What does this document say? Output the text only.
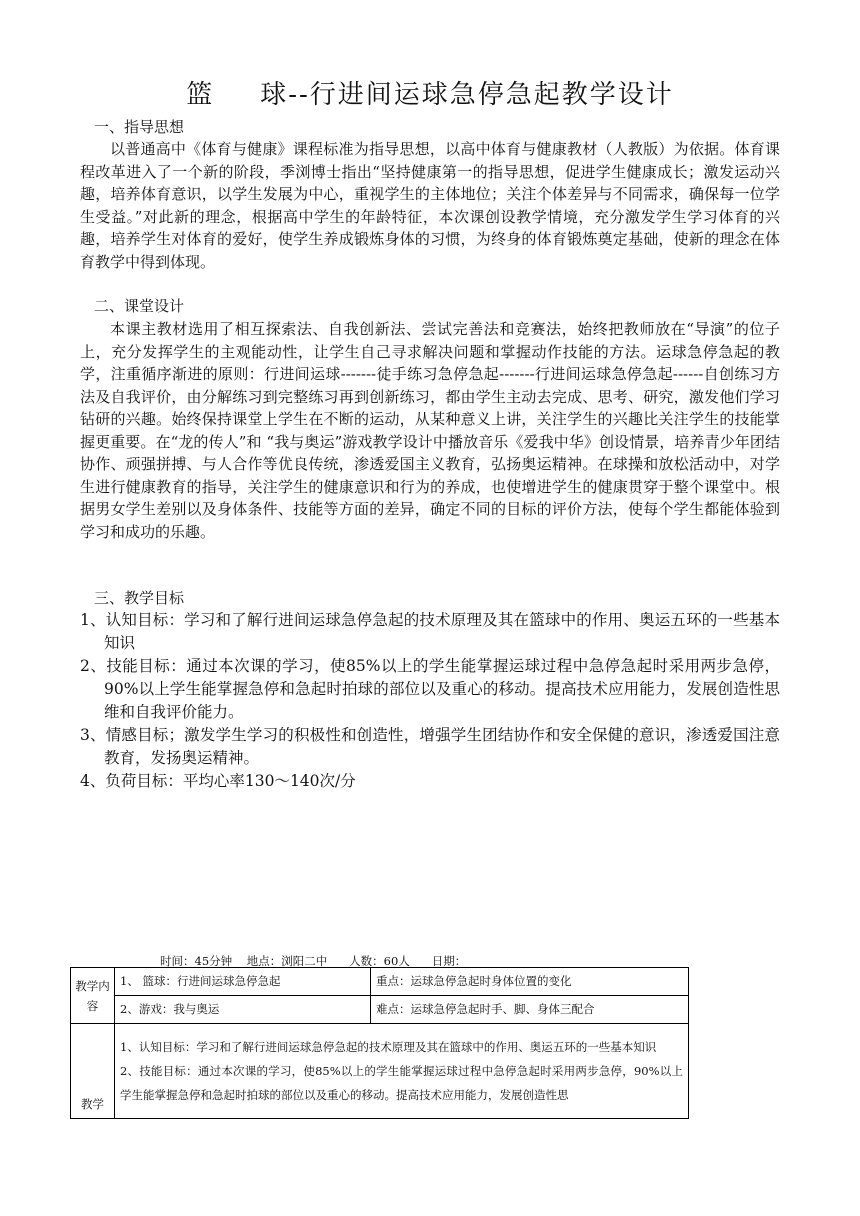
篮 球--行进间运球急停急起教学设计
一、指导思想
以普通高中《体育与健康》课程标准为指导思想，以高中体育与健康教材（人教版）为依据。体育课程改革进入了一个新的阶段，季浏博士指出“坚持健康第一的指导思想，促进学生健康成长；激发运动兴趣，培养体育意识，以学生发展为中心，重视学生的主体地位；关注个体差异与不同需求，确保每一位学生受益。”对此新的理念，根据高中学生的年龄特征，本次课创设教学情境，充分激发学生学习体育的兴趣，培养学生对体育的爱好，使学生养成锻炼身体的习惯，为终身的体育锻炼奠定基础，使新的理念在体育教学中得到体现。
二、课堂设计
本课主教材选用了相互探索法、自我创新法、尝试完善法和竞赛法，始终把教师放在“导演”的位子上，充分发挥学生的主观能动性，让学生自己寻求解决问题和掌握动作技能的方法。运球急停急起的教学，注重循序渐进的原则：行进间运球-------徒手练习急停急起-------行进间运球急停急起------自创练习方法及自我评价，由分解练习到完整练习再到创新练习，都由学生主动去完成、思考、研究，激发他们学习钻研的兴趣。始终保持课堂上学生在不断的运动，从某种意义上讲，关注学生的兴趣比关注学生的技能掌握更重要。在“龙的传人”和 “我与奥运”游戏教学设计中播放音乐《爱我中华》创设情景，培养青少年团结协作、顽强拼搏、与人合作等优良传统，渗透爱国主义教育，弘扬奥运精神。在球操和放松活动中，对学生进行健康教育的指导，关注学生的健康意识和行为的养成，也使增进学生的健康贯穿于整个课堂中。根据男女学生差别以及身体条件、技能等方面的差异，确定不同的目标的评价方法，使每个学生都能体验到学习和成功的乐趣。
三、教学目标
1、认知目标：学习和了解行进间运球急停急起的技术原理及其在篮球中的作用、奥运五环的一些基本知识
2、技能目标：通过本次课的学习，使85%以上的学生能掌握运球过程中急停急起时采用两步急停，90%以上学生能掌握急停和急起时拍球的部位以及重心的移动。提高技术应用能力，发展创造性思维和自我评价能力。
3、情感目标；激发学生学习的积极性和创造性，增强学生团结协作和安全保健的意识，渗透爱国注意教育，发扬奥运精神。
4、负荷目标：平均心率130～140次/分
时间：45分钟    地点：浏阳二中      人数：60人      日期：
教学内容	1、 篮球：行进间运球急停急起	重点：运球急停急起时身体位置的变化
	2、游戏：我与奥运	难点：运球急停急起时手、脚、身体三配合
教学	1、认知目标：学习和了解行进间运球急停急起的技术原理及其在篮球中的作用、奥运五环的一些基本知识
2、技能目标：通过本次课的学习，使85%以上的学生能掌握运球过程中急停急起时采用两步急停，90%以上学生能掌握急停和急起时拍球的部位以及重心的移动。提高技术应用能力，发展创造性思	
